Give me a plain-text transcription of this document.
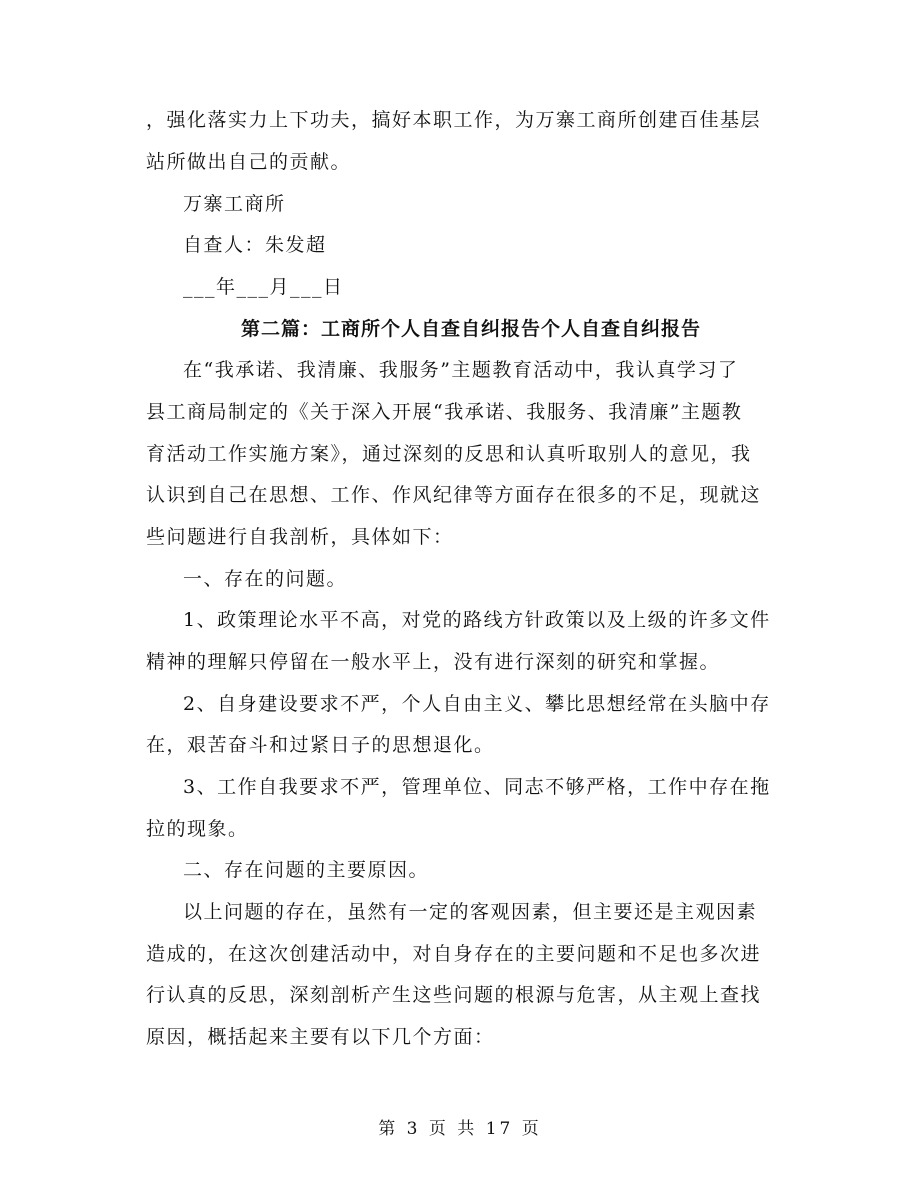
，强化落实力上下功夫，搞好本职工作，为万寨工商所创建百佳基层
站所做出自己的贡献。
万寨工商所
自查人：朱发超
___年___月___日
第二篇：工商所个人自查自纠报告个人自查自纠报告
在“我承诺、我清廉、我服务”主题教育活动中，我认真学习了
县工商局制定的《关于深入开展“我承诺、我服务、我清廉”主题教
育活动工作实施方案》，通过深刻的反思和认真听取别人的意见，我
认识到自己在思想、工作、作风纪律等方面存在很多的不足，现就这
些问题进行自我剖析，具体如下：
一、存在的问题。
1、政策理论水平不高，对党的路线方针政策以及上级的许多文件
精神的理解只停留在一般水平上，没有进行深刻的研究和掌握。
2、自身建设要求不严，个人自由主义、攀比思想经常在头脑中存
在，艰苦奋斗和过紧日子的思想退化。
3、工作自我要求不严，管理单位、同志不够严格，工作中存在拖
拉的现象。
二、存在问题的主要原因。
以上问题的存在，虽然有一定的客观因素，但主要还是主观因素
造成的，在这次创建活动中，对自身存在的主要问题和不足也多次进
行认真的反思，深刻剖析产生这些问题的根源与危害，从主观上查找
原因，概括起来主要有以下几个方面：
第 3 页 共 17 页
